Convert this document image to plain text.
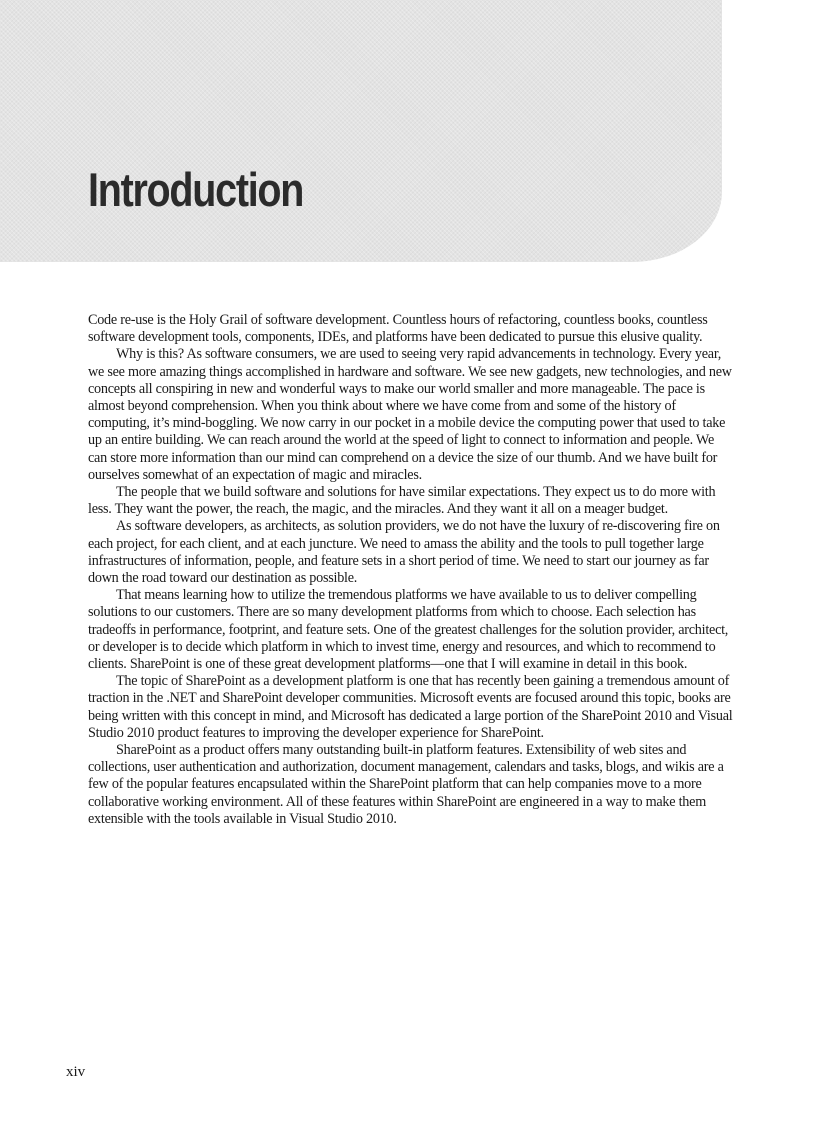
Introduction

Code re-use is the Holy Grail of software development. Countless hours of refactoring, countless books, countless software development tools, components, IDEs, and platforms have been dedicated to pursue this elusive quality.

Why is this? As software consumers, we are used to seeing very rapid advancements in technology. Every year, we see more amazing things accomplished in hardware and software. We see new gadgets, new technologies, and new concepts all conspiring in new and wonderful ways to make our world smaller and more manageable. The pace is almost beyond comprehension. When you think about where we have come from and some of the history of computing, it’s mind-boggling. We now carry in our pocket in a mobile device the computing power that used to take up an entire building. We can reach around the world at the speed of light to connect to information and people. We can store more information than our mind can comprehend on a device the size of our thumb. And we have built for ourselves somewhat of an expectation of magic and miracles.

The people that we build software and solutions for have similar expectations. They expect us to do more with less. They want the power, the reach, the magic, and the miracles. And they want it all on a meager budget.

As software developers, as architects, as solution providers, we do not have the luxury of re-discovering fire on each project, for each client, and at each juncture. We need to amass the ability and the tools to pull together large infrastructures of information, people, and feature sets in a short period of time. We need to start our journey as far down the road toward our destination as possible.

That means learning how to utilize the tremendous platforms we have available to us to deliver compelling solutions to our customers. There are so many development platforms from which to choose. Each selection has tradeoffs in performance, footprint, and feature sets. One of the greatest challenges for the solution provider, architect, or developer is to decide which platform in which to invest time, energy and resources, and which to recommend to clients. SharePoint is one of these great development platforms—one that I will examine in detail in this book.

The topic of SharePoint as a development platform is one that has recently been gaining a tremendous amount of traction in the .NET and SharePoint developer communities. Microsoft events are focused around this topic, books are being written with this concept in mind, and Microsoft has dedicated a large portion of the SharePoint 2010 and Visual Studio 2010 product features to improving the developer experience for SharePoint.

SharePoint as a product offers many outstanding built-in platform features. Extensibility of web sites and collections, user authentication and authorization, document management, calendars and tasks, blogs, and wikis are a few of the popular features encapsulated within the SharePoint platform that can help companies move to a more collaborative working environment. All of these features within SharePoint are engineered in a way to make them extensible with the tools available in Visual Studio 2010.

xiv
